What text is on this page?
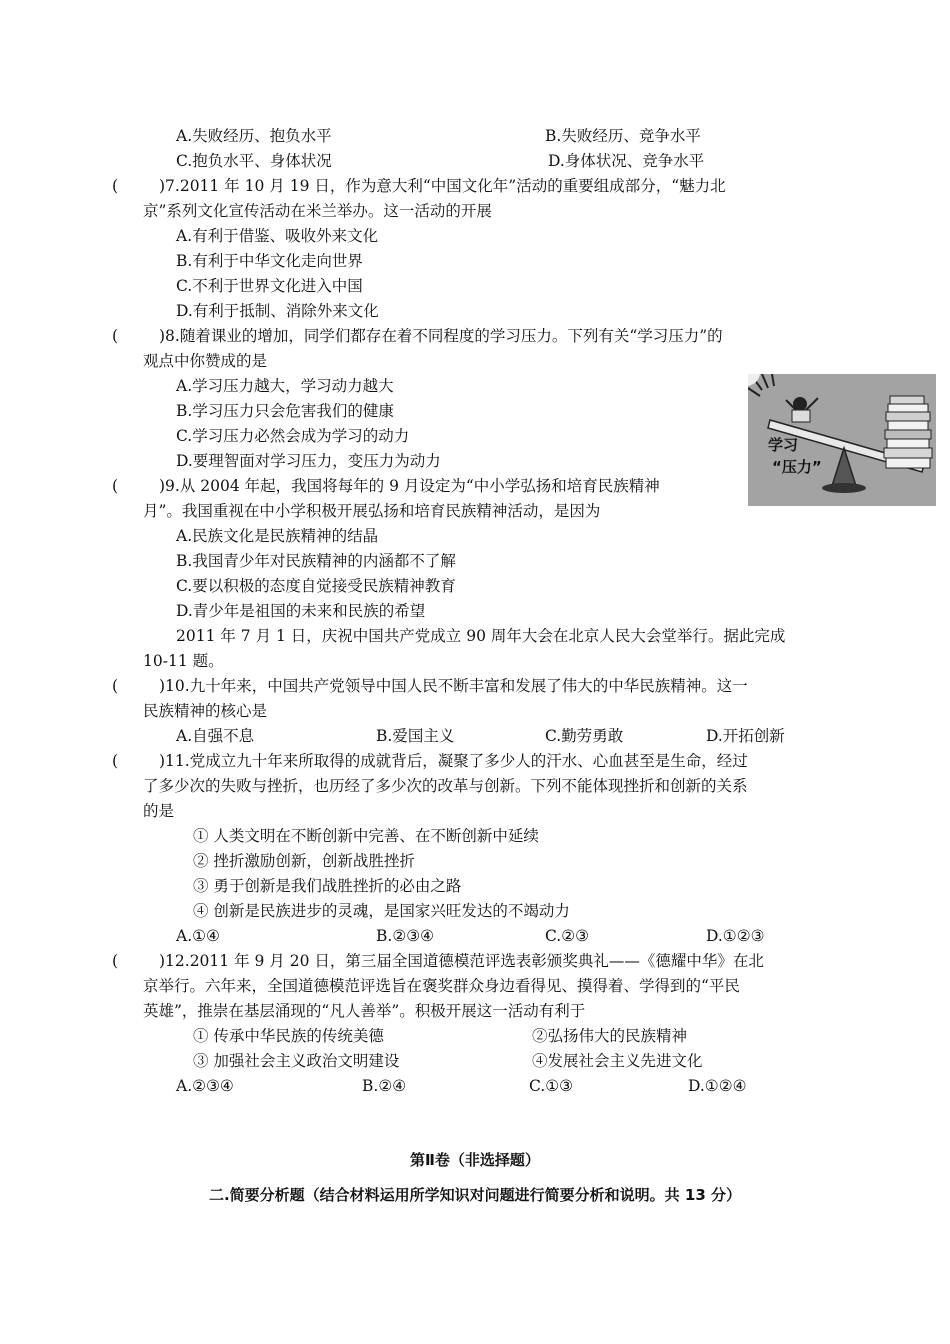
A.失败经历、抱负水平	B.失败经历、竞争水平
C.抱负水平、身体状况	D.身体状况、竞争水平
(	)7.2011 年 10 月 19 日，作为意大利“中国文化年”活动的重要组成部分，“魅力北
京”系列文化宣传活动在米兰举办。这一活动的开展
A.有利于借鉴、吸收外来文化
B.有利于中华文化走向世界
C.不利于世界文化进入中国
D.有利于抵制、消除外来文化
(	)8.随着课业的增加，同学们都存在着不同程度的学习压力。下列有关“学习压力”的
观点中你赞成的是
A.学习压力越大，学习动力越大
B.学习压力只会危害我们的健康
C.学习压力必然会成为学习的动力
D.要理智面对学习压力，变压力为动力
学习
“压力”
(	)9.从 2004 年起，我国将每年的 9 月设定为“中小学弘扬和培育民族精神
月”。我国重视在中小学积极开展弘扬和培育民族精神活动，是因为
A.民族文化是民族精神的结晶
B.我国青少年对民族精神的内涵都不了解
C.要以积极的态度自觉接受民族精神教育
D.青少年是祖国的未来和民族的希望
2011 年 7 月 1 日，庆祝中国共产党成立 90 周年大会在北京人民大会堂举行。据此完成
10-11 题。
(	)10.九十年来，中国共产党领导中国人民不断丰富和发展了伟大的中华民族精神。这一
民族精神的核心是
A.自强不息	B.爱国主义	C.勤劳勇敢	D.开拓创新
(	)11.党成立九十年来所取得的成就背后，凝聚了多少人的汗水、心血甚至是生命，经过
了多少次的失败与挫折，也历经了多少次的改革与创新。下列不能体现挫折和创新的关系
的是
① 人类文明在不断创新中完善、在不断创新中延续
② 挫折激励创新，创新战胜挫折
③ 勇于创新是我们战胜挫折的必由之路
④ 创新是民族进步的灵魂，是国家兴旺发达的不竭动力
A.①④	B.②③④	C.②③	D.①②③
(	)12.2011 年 9 月 20 日，第三届全国道德模范评选表彰颁奖典礼——《德耀中华》在北
京举行。六年来，全国道德模范评选旨在褒奖群众身边看得见、摸得着、学得到的“平民
英雄”，推崇在基层涌现的“凡人善举”。积极开展这一活动有利于
① 传承中华民族的传统美德	②弘扬伟大的民族精神
③ 加强社会主义政治文明建设	④发展社会主义先进文化
A.②③④	B.②④	C.①③	D.①②④
第Ⅱ卷（非选择题）
二.简要分析题（结合材料运用所学知识对问题进行简要分析和说明。共 13 分）
